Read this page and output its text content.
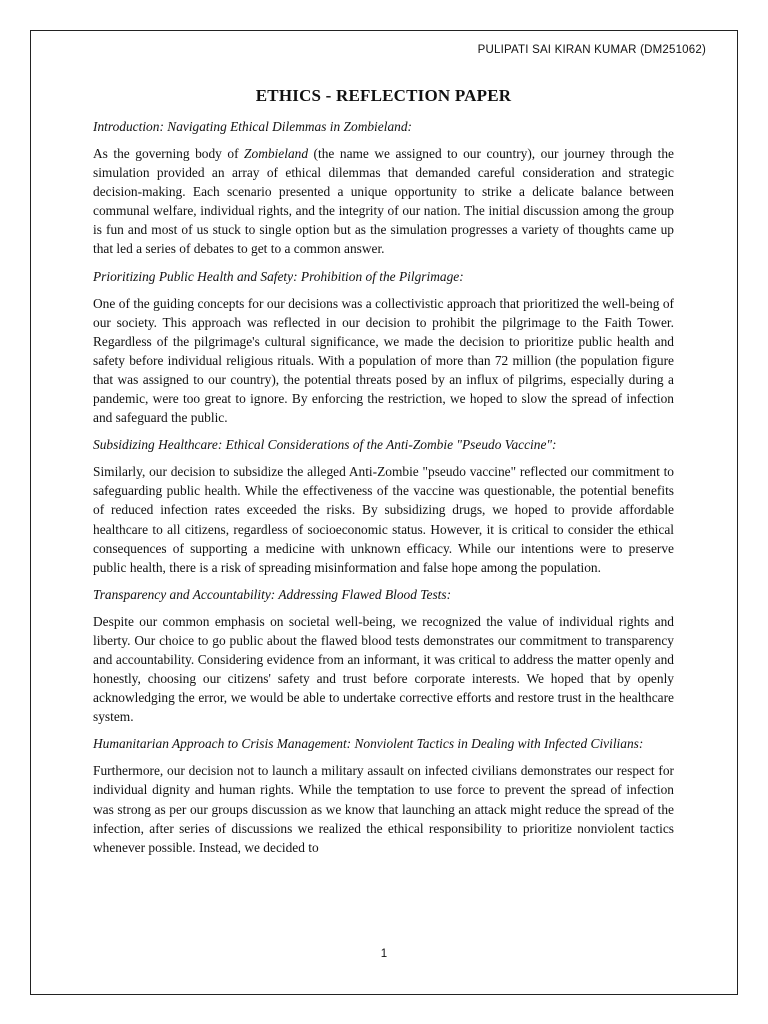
PULIPATI SAI KIRAN KUMAR (DM251062)
ETHICS - REFLECTION PAPER
Introduction: Navigating Ethical Dilemmas in Zombieland:

As the governing body of Zombieland (the name we assigned to our country), our journey through the simulation provided an array of ethical dilemmas that demanded careful consideration and strategic decision-making. Each scenario presented a unique opportunity to strike a delicate balance between communal welfare, individual rights, and the integrity of our nation. The initial discussion among the group is fun and most of us stuck to single option but as the simulation progresses a variety of thoughts came up that led a series of debates to get to a common answer.

Prioritizing Public Health and Safety: Prohibition of the Pilgrimage:

One of the guiding concepts for our decisions was a collectivistic approach that prioritized the well-being of our society. This approach was reflected in our decision to prohibit the pilgrimage to the Faith Tower. Regardless of the pilgrimage's cultural significance, we made the decision to prioritize public health and safety before individual religious rituals. With a population of more than 72 million (the population figure that was assigned to our country), the potential threats posed by an influx of pilgrims, especially during a pandemic, were too great to ignore. By enforcing the restriction, we hoped to slow the spread of infection and safeguard the public.

Subsidizing Healthcare: Ethical Considerations of the Anti-Zombie "Pseudo Vaccine":

Similarly, our decision to subsidize the alleged Anti-Zombie "pseudo vaccine" reflected our commitment to safeguarding public health. While the effectiveness of the vaccine was questionable, the potential benefits of reduced infection rates exceeded the risks. By subsidizing drugs, we hoped to provide affordable healthcare to all citizens, regardless of socioeconomic status. However, it is critical to consider the ethical consequences of supporting a medicine with unknown efficacy. While our intentions were to preserve public health, there is a risk of spreading misinformation and false hope among the population.

Transparency and Accountability: Addressing Flawed Blood Tests:

Despite our common emphasis on societal well-being, we recognized the value of individual rights and liberty. Our choice to go public about the flawed blood tests demonstrates our commitment to transparency and accountability. Considering evidence from an informant, it was critical to address the matter openly and honestly, choosing our citizens' safety and trust before corporate interests. We hoped that by openly acknowledging the error, we would be able to undertake corrective efforts and restore trust in the healthcare system.

Humanitarian Approach to Crisis Management: Nonviolent Tactics in Dealing with Infected Civilians:

Furthermore, our decision not to launch a military assault on infected civilians demonstrates our respect for individual dignity and human rights. While the temptation to use force to prevent the spread of infection was strong as per our groups discussion as we know that launching an attack might reduce the spread of the infection, after series of discussions we realized the ethical responsibility to prioritize nonviolent tactics whenever possible. Instead, we decided to

1
